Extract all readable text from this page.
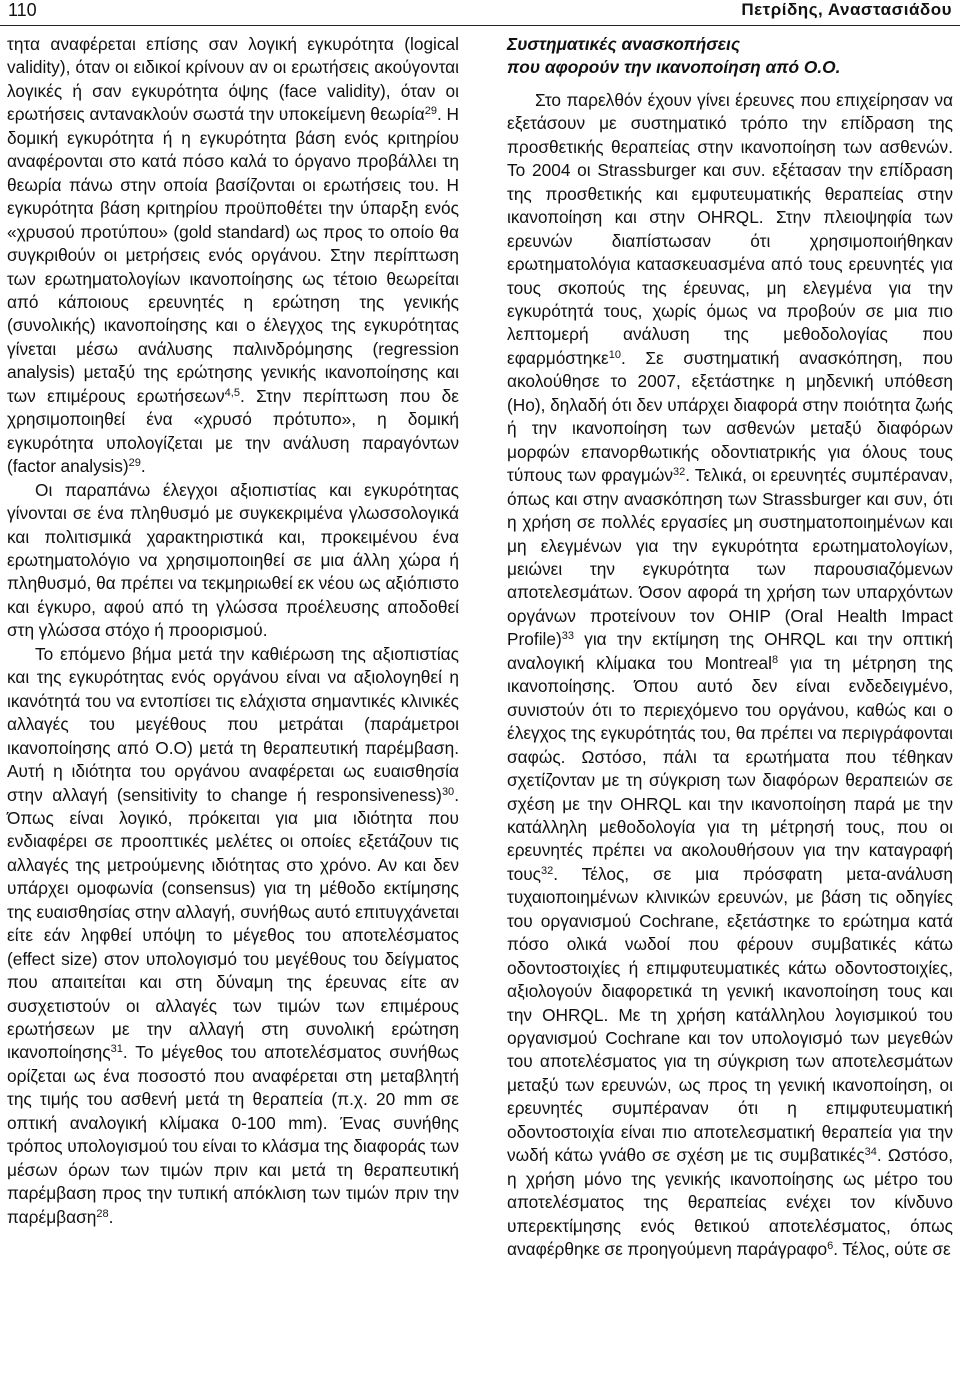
110	Πετρίδης, Αναστασιάδου

τητα αναφέρεται επίσης σαν λογική εγκυρότητα (logical validity), όταν οι ειδικοί κρίνουν αν οι ερωτήσεις ακούγονται λογικές ή σαν εγκυρότητα όψης (face validity), όταν οι ερωτήσεις αντανακλούν σωστά την υποκείμενη θεωρία$^{29}$. Η δομική εγκυρότητα ή η εγκυρότητα βάση ενός κριτηρίου αναφέρονται στο κατά πόσο καλά το όργανο προβάλλει τη θεωρία πάνω στην οποία βασίζονται οι ερωτήσεις του. Η εγκυρότητα βάση κριτηρίου προϋποθέτει την ύπαρξη ενός «χρυσού προτύπου» (gold standard) ως προς το οποίο θα συγκριθούν οι μετρήσεις ενός οργάνου. Στην περίπτωση των ερωτηματολογίων ικανοποίησης ως τέτοιο θεωρείται από κάποιους ερευνητές η ερώτηση της γενικής (συνολικής) ικανοποίησης και ο έλεγχος της εγκυρότητας γίνεται μέσω ανάλυσης παλινδρόμησης (regression analysis) μεταξύ της ερώτησης γενικής ικανοποίησης και των επιμέρους ερωτήσεων$^{4,5}$. Στην περίπτωση που δε χρησιμοποιηθεί ένα «χρυσό πρότυπο», η δομική εγκυρότητα υπολογίζεται με την ανάλυση παραγόντων (factor analysis)$^{29}$.

Οι παραπάνω έλεγχοι αξιοπιστίας και εγκυρότητας γίνονται σε ένα πληθυσμό με συγκεκριμένα γλωσσολογικά και πολιτισμικά χαρακτηριστικά και, προκειμένου ένα ερωτηματολόγιο να χρησιμοποιηθεί σε μια άλλη χώρα ή πληθυσμό, θα πρέπει να τεκμηριωθεί εκ νέου ως αξιόπιστο και έγκυρο, αφού από τη γλώσσα προέλευσης αποδοθεί στη γλώσσα στόχο ή προορισμού.

Το επόμενο βήμα μετά την καθιέρωση της αξιοπιστίας και της εγκυρότητας ενός οργάνου είναι να αξιολογηθεί η ικανότητά του να εντοπίσει τις ελάχιστα σημαντικές κλινικές αλλαγές του μεγέθους που μετράται (παράμετροι ικανοποίησης από Ο.Ο) μετά τη θεραπευτική παρέμβαση. Αυτή η ιδιότητα του οργάνου αναφέρεται ως ευαισθησία στην αλλαγή (sensitivity to change ή responsiveness)$^{30}$. Όπως είναι λογικό, πρόκειται για μια ιδιότητα που ενδιαφέρει σε προοπτικές μελέτες οι οποίες εξετάζουν τις αλλαγές της μετρούμενης ιδιότητας στο χρόνο. Αν και δεν υπάρχει ομοφωνία (consensus) για τη μέθοδο εκτίμησης της ευαισθησίας στην αλλαγή, συνήθως αυτό επιτυγχάνεται είτε εάν ληφθεί υπόψη το μέγεθος του αποτελέσματος (effect size) στον υπολογισμό του μεγέθους του δείγματος που απαιτείται και στη δύναμη της έρευνας είτε αν συσχετιστούν οι αλλαγές των τιμών των επιμέρους ερωτήσεων με την αλλαγή στη συνολική ερώτηση ικανοποίησης$^{31}$. Το μέγεθος του αποτελέσματος συνήθως ορίζεται ως ένα ποσοστό που αναφέρεται στη μεταβλητή της τιμής του ασθενή μετά τη θεραπεία (π.χ. 20 mm σε οπτική αναλογική κλίμακα 0-100 mm). Ένας συνήθης τρόπος υπολογισμού του είναι το κλάσμα της διαφοράς των μέσων όρων των τιμών πριν και μετά τη θεραπευτική παρέμβαση προς την τυπική απόκλιση των τιμών πριν την παρέμβαση$^{28}$.

Συστηματικές ανασκοπήσεις
που αφορούν την ικανοποίηση από Ο.Ο.

Στο παρελθόν έχουν γίνει έρευνες που επιχείρησαν να εξετάσουν με συστηματικό τρόπο την επίδραση της προσθετικής θεραπείας στην ικανοποίηση των ασθενών. Το 2004 οι Strassburger και συν. εξέτασαν την επίδραση της προσθετικής και εμφυτευματικής θεραπείας στην ικανοποίηση και στην OHRQL. Στην πλειοψηφία των ερευνών διαπίστωσαν ότι χρησιμοποιήθηκαν ερωτηματολόγια κατασκευασμένα από τους ερευνητές για τους σκοπούς της έρευνας, μη ελεγμένα για την εγκυρότητά τους, χωρίς όμως να προβούν σε μια πιο λεπτομερή ανάλυση της μεθοδολογίας που εφαρμόστηκε$^{10}$. Σε συστηματική ανασκόπηση, που ακολούθησε το 2007, εξετάστηκε η μηδενική υπόθεση (Ho), δηλαδή ότι δεν υπάρχει διαφορά στην ποιότητα ζωής ή την ικανοποίηση των ασθενών μεταξύ διαφόρων μορφών επανορθωτικής οδοντιατρικής για όλους τους τύπους των φραγμών$^{32}$. Τελικά, οι ερευνητές συμπέραναν, όπως και στην ανασκόπηση των Strassburger και συν, ότι η χρήση σε πολλές εργασίες μη συστηματοποιημένων και μη ελεγμένων για την εγκυρότητα ερωτηματολογίων, μειώνει την εγκυρότητα των παρουσιαζόμενων αποτελεσμάτων. Όσον αφορά τη χρήση των υπαρχόντων οργάνων προτείνουν τον OHIP (Oral Health Impact Profile)$^{33}$ για την εκτίμηση της OHRQL και την οπτική αναλογική κλίμακα του Montreal$^8$ για τη μέτρηση της ικανοποίησης. Όπου αυτό δεν είναι ενδεδειγμένο, συνιστούν ότι το περιεχόμενο του οργάνου, καθώς και ο έλεγχος της εγκυρότητάς του, θα πρέπει να περιγράφονται σαφώς. Ωστόσο, πάλι τα ερωτήματα που τέθηκαν σχετίζονταν με τη σύγκριση των διαφόρων θεραπειών σε σχέση με την OHRQL και την ικανοποίηση παρά με την κατάλληλη μεθοδολογία για τη μέτρησή τους, που οι ερευνητές πρέπει να ακολουθήσουν για την καταγραφή τους$^{32}$. Τέλος, σε μια πρόσφατη μετα-ανάλυση τυχαιοποιημένων κλινικών ερευνών, με βάση τις οδηγίες του οργανισμού Cochrane, εξετάστηκε το ερώτημα κατά πόσο ολικά νωδοί που φέρουν συμβατικές κάτω οδοντοστοιχίες ή επιμφυτευματικές κάτω οδοντοστοιχίες, αξιολογούν διαφορετικά τη γενική ικανοποίηση τους και την OHRQL. Με τη χρήση κατάλληλου λογισμικού του οργανισμού Cochrane και τον υπολογισμό των μεγεθών του αποτελέσματος για τη σύγκριση των αποτελεσμάτων μεταξύ των ερευνών, ως προς τη γενική ικανοποίηση, οι ερευνητές συμπέραναν ότι η επιμφυτευματική οδοντοστοιχία είναι πιο αποτελεσματική θεραπεία για την νωδή κάτω γνάθο σε σχέση με τις συμβατικές$^{34}$. Ωστόσο, η χρήση μόνο της γενικής ικανοποίησης ως μέτρο του αποτελέσματος της θεραπείας ενέχει τον κίνδυνο υπερεκτίμησης ενός θετικού αποτελέσματος, όπως αναφέρθηκε σε προηγούμενη παράγραφο$^6$. Τέλος, ούτε σε
